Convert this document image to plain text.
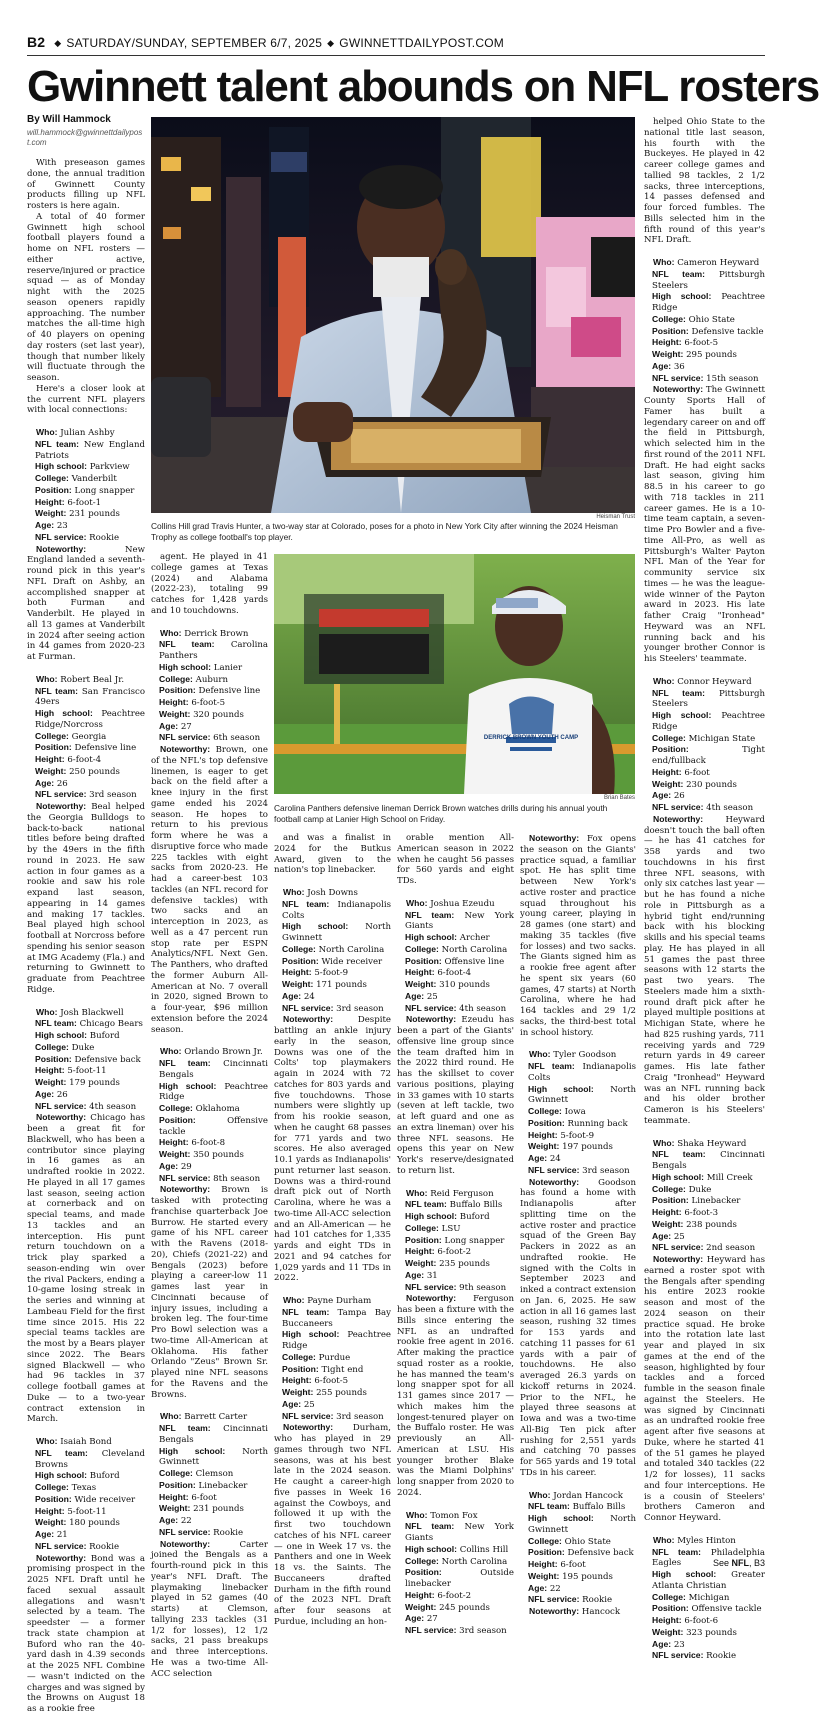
B2 ◆ SATURDAY/SUNDAY, SEPTEMBER 6/7, 2025 ◆ GWINNETTDAILYPOST.COM
Gwinnett talent abounds on NFL rosters
By Will Hammock
will.hammock@gwinnettdailypost.com

With preseason games done, the annual tradition of Gwinnett County products filling up NFL rosters is here again.

A total of 40 former Gwinnett high school football players found a home on NFL rosters — either active, reserve/injured or practice squad — as of Monday night with the 2025 season openers rapidly approaching. The number matches the all-time high of 40 players on opening day rosters (set last year), though that number likely will fluctuate through the season.

Here's a closer look at the current NFL players with local connections:

Who: Julian Ashby

NFL team: New England Patriots
High school: Parkview
College: Vanderbilt
Position: Long snapper
Height: 6-foot-1
Weight: 231 pounds
Age: 23
NFL service: Rookie

Noteworthy:	New England landed a seventh-round pick in this year's NFL Draft on Ashby, an accomplished snapper at both Furman and Vanderbilt. He played in all 13 games at Vanderbilt in 2024 after seeing action in 44 games from 2020-23 at Furman.

Who: Robert Beal Jr.

NFL team: San Francisco 49ers
High school: Peachtree Ridge/Norcross
College: Georgia
Position: Defensive line
Height: 6-foot-4
Weight: 250 pounds
Age: 26
NFL service: 3rd season

Noteworthy: Beal helped the Georgia Bulldogs to back-to-back national titles before being drafted by the 49ers in the fifth round in 2023. He saw action in four games as a rookie and saw his role expand last season, appearing in 14 games and making 17 tackles. Beal played high school football at Norcross before spending his senior season at IMG Academy (Fla.) and returning to Gwinnett to graduate from Peachtree Ridge.

Who: Josh Blackwell

NFL team: Chicago Bears
High school: Buford
College: Duke
Position: Defensive back
Height: 5-foot-11
Weight: 179 pounds
Age: 26
NFL service: 4th season

Noteworthy: Chicago has been a great fit for Blackwell, who has been a contributor since playing in 16 games as an undrafted rookie in 2022. He played in all 17 games last season, seeing action at cornerback and on special teams, and made 13 tackles and an interception. His punt return touchdown on a trick play sparked a season-ending win over the rival Packers, ending a 10-game losing streak in the series and winning at Lambeau Field for the first time since 2015. His 22 special teams tackles are the most by a Bears player since 2022. The Bears signed Blackwell — who had 96 tackles in 37 college football games at Duke — to a two-year contract extension in March.

Who: Isaiah Bond

NFL team: Cleveland Browns
High school: Buford
College: Texas
Position: Wide receiver
Height: 5-foot-11
Weight: 180 pounds
Age: 21
NFL service: Rookie

Noteworthy: Bond was a promising prospect in the 2025 NFL Draft until he faced sexual assault allegations and wasn't selected by a team. The speedster — a former track state champion at Buford who ran the 40-yard dash in 4.39 seconds at the 2025 NFL Combine — wasn't indicted on the charges and was signed by the Browns on August 18 as a rookie free

Heisman Trust
Collins Hill grad Travis Hunter, a two-way star at Colorado, poses for a photo in New York City after winning the 2024 Heisman Trophy as college football's top player.

agent. He played in 41 college games at Texas (2024) and Alabama (2022-23), totaling 99 catches for 1,428 yards and 10 touchdowns.

Who: Derrick Brown

NFL team: Carolina Panthers
High school: Lanier
College: Auburn
Position: Defensive line
Height: 6-foot-5
Weight: 320 pounds
Age: 27
NFL service: 6th season

Noteworthy: Brown, one of the NFL's top defensive linemen, is eager to get back on the field after a knee injury in the first game ended his 2024 season. He hopes to return to his previous form where he was a disruptive force who made 225 tackles with eight sacks from 2020-23. He had a career-best 103 tackles (an NFL record for defensive tackles) with two sacks and an interception in 2023, as well as a 47 percent run stop rate per ESPN Analytics/NFL Next Gen. The Panthers, who drafted the former Auburn All-American at No. 7 overall in 2020, signed Brown to a four-year, $96 million extension before the 2024 season.

Who: Orlando Brown Jr.

NFL team: Cincinnati Bengals
High school: Peachtree Ridge
College: Oklahoma
Position:	Offensive tackle
Height: 6-foot-8
Weight: 350 pounds
Age: 29
NFL service: 8th season

Noteworthy: Brown is tasked with protecting franchise quarterback Joe Burrow. He started every game of his NFL career with the Ravens (2018-20), Chiefs (2021-22) and Bengals (2023) before playing a career-low 11 games last year in Cincinnati because of injury issues, including a broken leg. The four-time Pro Bowl selection was a two-time All-American at Oklahoma. His father Orlando "Zeus" Brown Sr. played nine NFL seasons for the Ravens and the Browns.

Who: Barrett Carter

NFL team: Cincinnati Bengals
High school: North Gwinnett
College: Clemson
Position: Linebacker
Height: 6-foot
Weight: 231 pounds
Age: 22
NFL service: Rookie

Noteworthy:	Carter joined the Bengals as a fourth-round pick in this year's NFL Draft. The playmaking linebacker played in 52 games (40 starts) at Clemson, tallying 233 tackles (31 1/2 for losses), 12 1/2 sacks, 21 pass breakups and three interceptions. He was a two-time All-ACC selection

DERRICK BROWN YOUTH CAMP
Brian Bates
Carolina Panthers defensive lineman Derrick Brown watches drills during his annual youth football camp at Lanier High School on Friday.

and was a finalist in 2024 for the Butkus Award, given to the nation's top linebacker.

Who: Josh Downs

NFL team: Indianapolis Colts
High school: North Gwinnett
College: North Carolina
Position: Wide receiver
Height: 5-foot-9
Weight: 171 pounds
Age: 24
NFL service: 3rd season

Noteworthy:	Despite battling an ankle injury early in the season, Downs was one of the Colts' top playmakers again in 2024 with 72 catches for 803 yards and five touchdowns. Those numbers were slightly up from his rookie season, when he caught 68 passes for 771 yards and two scores. He also averaged 10.1 yards as Indianapolis' punt returner last season. Downs was a third-round draft pick out of North Carolina, where he was a two-time All-ACC selection and an All-American — he had 101 catches for 1,335 yards and eight TDs in 2021 and 94 catches for 1,029 yards and 11 TDs in 2022.

Who: Payne Durham

NFL team: Tampa Bay Buccaneers
High school: Peachtree Ridge
College: Purdue
Position: Tight end
Height: 6-foot-5
Weight: 255 pounds
Age: 25
NFL service: 3rd season

Noteworthy: Durham, who has played in 29 games through two NFL seasons, was at his best late in the 2024 season. He caught a career-high five passes in Week 16 against the Cowboys, and followed it up with the first two touchdown catches of his NFL career — one in Week 17 vs. the Panthers and one in Week 18 vs. the Saints. The Buccaneers drafted Durham in the fifth round of the 2023 NFL Draft after four seasons at Purdue, including an hon-

orable mention All-American season in 2022 when he caught 56 passes for 560 yards and eight TDs.

Who: Joshua Ezeudu

NFL team: New York Giants
High school: Archer
College: North Carolina
Position: Offensive line
Height: 6-foot-4
Weight: 310 pounds
Age: 25
NFL service: 4th season

Noteworthy: Ezeudu has been a part of the Giants' offensive line group since the team drafted him in the 2022 third round. He has the skillset to cover various positions, playing in 33 games with 10 starts (seven at left tackle, two at left guard and one as an extra lineman) over his three NFL seasons. He opens this year on New York's reserve/designated to return list.

Who: Reid Ferguson

NFL team: Buffalo Bills
High school: Buford
College: LSU
Position: Long snapper
Height: 6-foot-2
Weight: 235 pounds
Age: 31
NFL service: 9th season

Noteworthy: Ferguson has been a fixture with the Bills since entering the NFL as an undrafted rookie free agent in 2016. After making the practice squad roster as a rookie, he has manned the team's long snapper spot for all 131 games since 2017 — which makes him the longest-tenured player on the Buffalo roster. He was previously an All-American at LSU. His younger brother Blake was the Miami Dolphins' long snapper from 2020 to 2024.

Who: Tomon Fox

NFL team: New York Giants
High school: Collins Hill
College: North Carolina
Position:	Outside linebacker
Height: 6-foot-2
Weight: 245 pounds
Age: 27
NFL service: 3rd season

Noteworthy: Fox opens the season on the Giants' practice squad, a familiar spot. He has split time between New York's active roster and practice squad throughout his young career, playing in 28 games (one start) and making 35 tackles (five for losses) and two sacks. The Giants signed him as a rookie free agent after he spent six years (60 games, 47 starts) at North Carolina, where he had 164 tackles and 29 1/2 sacks, the third-best total in school history.

Who: Tyler Goodson

NFL team: Indianapolis Colts
High school: North Gwinnett
College: Iowa
Position: Running back
Height: 5-foot-9
Weight: 197 pounds
Age: 24
NFL service: 3rd season

Noteworthy: Goodson has found a home with Indianapolis after splitting time on the active roster and practice squad of the Green Bay Packers in 2022 as an undrafted rookie. He signed with the Colts in September 2023 and inked a contract extension on Jan. 6, 2025. He saw action in all 16 games last season, rushing 32 times for 153 yards and catching 11 passes for 61 yards with a pair of touchdowns. He also averaged 26.3 yards on kickoff returns in 2024. Prior to the NFL, he played three seasons at Iowa and was a two-time All-Big Ten pick after rushing for 2,551 yards and catching 70 passes for 565 yards and 19 total TDs in his career.

Who: Jordan Hancock

NFL team: Buffalo Bills
High school: North Gwinnett
College: Ohio State
Position: Defensive back
Height: 6-foot
Weight: 195 pounds
Age: 22
NFL service: Rookie

Noteworthy: Hancock

helped Ohio State to the national title last season, his fourth with the Buckeyes. He played in 42 career college games and tallied 98 tackles, 2 1/2 sacks, three interceptions, 14 passes defensed and four forced fumbles. The Bills selected him in the fifth round of this year's NFL Draft.

Who: Cameron Heyward

NFL team: Pittsburgh Steelers
High school: Peachtree Ridge
College: Ohio State
Position: Defensive tackle
Height: 6-foot-5
Weight: 295 pounds
Age: 36
NFL service: 15th season

Noteworthy: The Gwinnett County Sports Hall of Famer has built a legendary career on and off the field in Pittsburgh, which selected him in the first round of the 2011 NFL Draft. He had eight sacks last season, giving him 88.5 in his career to go with 718 tackles in 211 career games. He is a 10-time team captain, a seven-time Pro Bowler and a five-time All-Pro, as well as Pittsburgh's Walter Payton NFL Man of the Year for community service six times — he was the league-wide winner of the Payton award in 2023. His late father Craig "Ironhead" Heyward was an NFL running back and his younger brother Connor is his Steelers' teammate.

Who: Connor Heyward

NFL team: Pittsburgh Steelers
High school: Peachtree Ridge
College: Michigan State
Position:	Tight end/fullback
Height: 6-foot
Weight: 230 pounds
Age: 26
NFL service: 4th season

Noteworthy:	Heyward doesn't touch the ball often — he has 41 catches for 358 yards and two touchdowns in his first three NFL seasons, with only six catches last year — but he has found a niche role in Pittsburgh as a hybrid tight end/running back with his blocking skills and his special teams play. He has played in all 51 games the past three seasons with 12 starts the past two years. The Steelers made him a sixth-round draft pick after he played multiple positions at Michigan State, where he had 825 rushing yards, 711 receiving yards and 729 return yards in 49 career games. His late father Craig "Ironhead" Heyward was an NFL running back and his older brother Cameron is his Steelers' teammate.

Who: Shaka Heyward

NFL team: Cincinnati Bengals
High school: Mill Creek
College: Duke
Position: Linebacker
Height: 6-foot-3
Weight: 238 pounds
Age: 25
NFL service: 2nd season

Noteworthy: Heyward has earned a roster spot with the Bengals after spending his entire 2023 rookie season and most of the 2024 season on their practice squad. He broke into the rotation late last year and played in six games at the end of the season, highlighted by four tackles and a forced fumble in the season finale against the Steelers. He was signed by Cincinnati as an undrafted rookie free agent after five seasons at Duke, where he started 41 of the 51 games he played and totaled 340 tackles (22 1/2 for losses), 11 sacks and four interceptions. He is a cousin of Steelers' brothers Cameron and Connor Heyward.

Who: Myles Hinton

NFL team: Philadelphia Eagles
High school: Greater Atlanta Christian
College: Michigan
Position: Offensive tackle
Height: 6-foot-6
Weight: 323 pounds
Age: 23
NFL service: Rookie
See NFL, B3
